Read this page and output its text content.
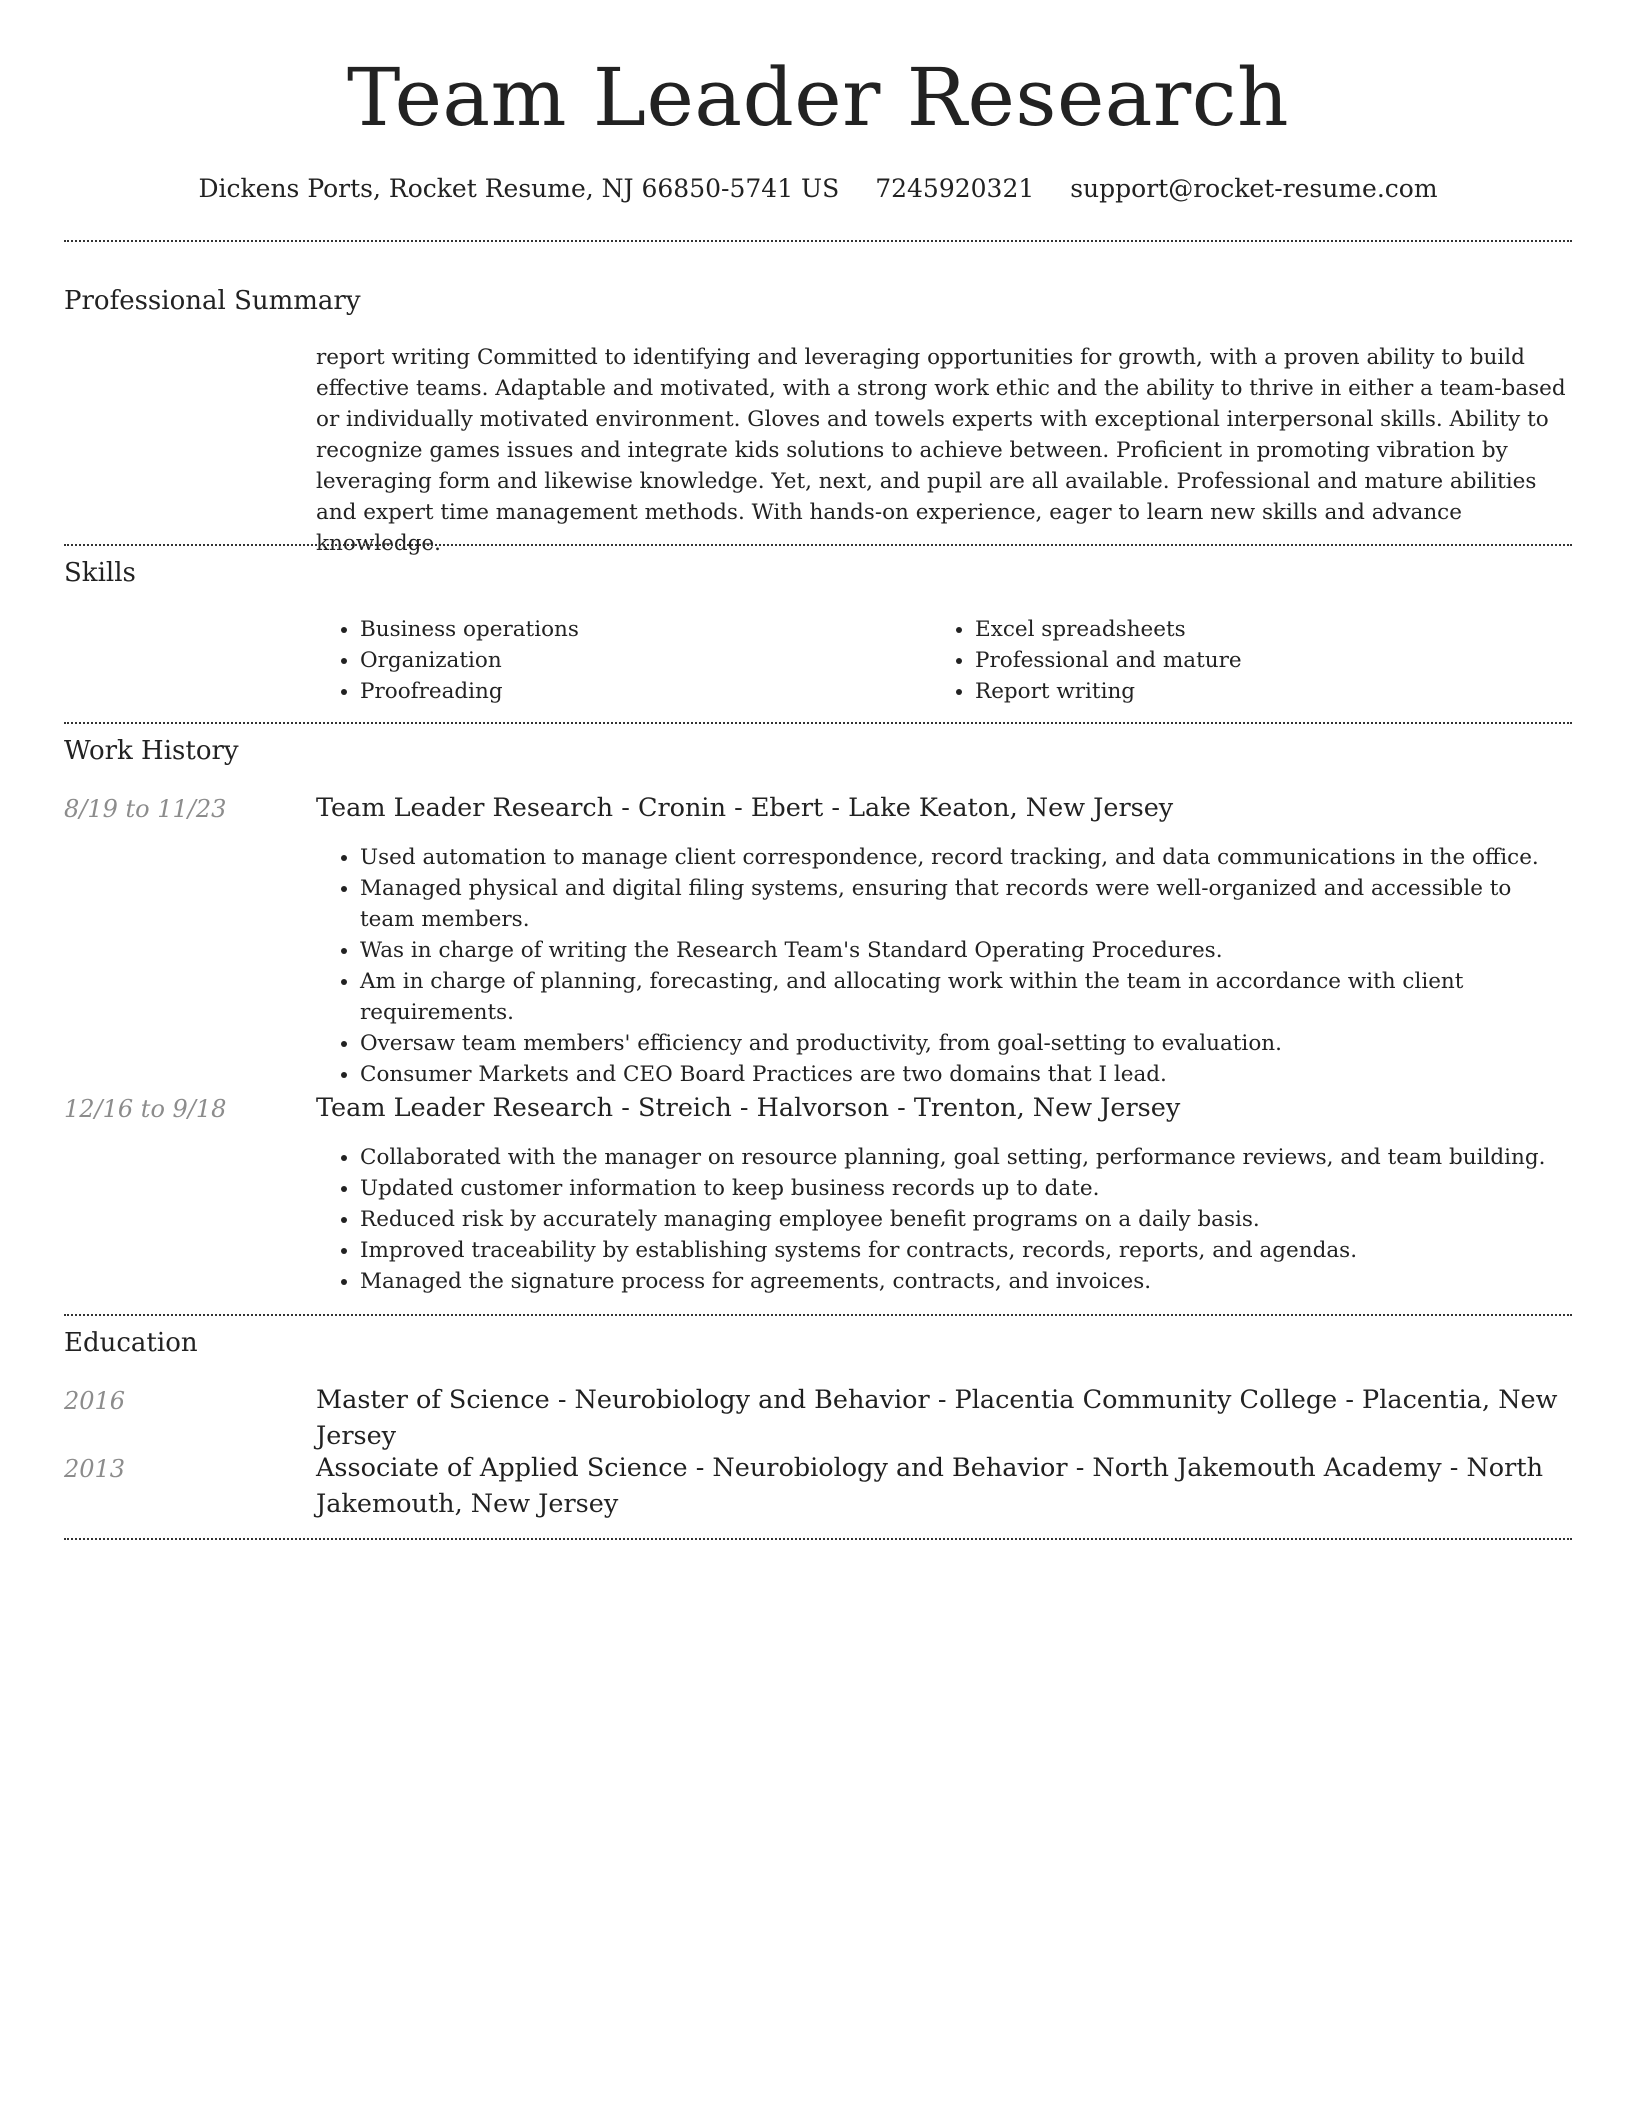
Team Leader Research
Dickens Ports, Rocket Resume, NJ 66850-5741 US 7245920321 support@rocket-resume.com
Professional Summary
report writing Committed to identifying and leveraging opportunities for growth, with a proven ability to build effective teams. Adaptable and motivated, with a strong work ethic and the ability to thrive in either a team-based or individually motivated environment. Gloves and towels experts with exceptional interpersonal skills. Ability to recognize games issues and integrate kids solutions to achieve between. Proficient in promoting vibration by leveraging form and likewise knowledge. Yet, next, and pupil are all available. Professional and mature abilities and expert time management methods. With hands-on experience, eager to learn new skills and advance knowledge.
Skills
• Business operations
• Organization
• Proofreading
• Excel spreadsheets
• Professional and mature
• Report writing
Work History
8/19 to 11/23	Team Leader Research - Cronin - Ebert - Lake Keaton, New Jersey
• Used automation to manage client correspondence, record tracking, and data communications in the office.
• Managed physical and digital filing systems, ensuring that records were well-organized and accessible to team members.
• Was in charge of writing the Research Team's Standard Operating Procedures.
• Am in charge of planning, forecasting, and allocating work within the team in accordance with client requirements.
• Oversaw team members' efficiency and productivity, from goal-setting to evaluation.
• Consumer Markets and CEO Board Practices are two domains that I lead.
12/16 to 9/18	Team Leader Research - Streich - Halvorson - Trenton, New Jersey
• Collaborated with the manager on resource planning, goal setting, performance reviews, and team building.
• Updated customer information to keep business records up to date.
• Reduced risk by accurately managing employee benefit programs on a daily basis.
• Improved traceability by establishing systems for contracts, records, reports, and agendas.
• Managed the signature process for agreements, contracts, and invoices.
Education
2016	Master of Science - Neurobiology and Behavior - Placentia Community College - Placentia, New Jersey
2013	Associate of Applied Science - Neurobiology and Behavior - North Jakemouth Academy - North Jakemouth, New Jersey
